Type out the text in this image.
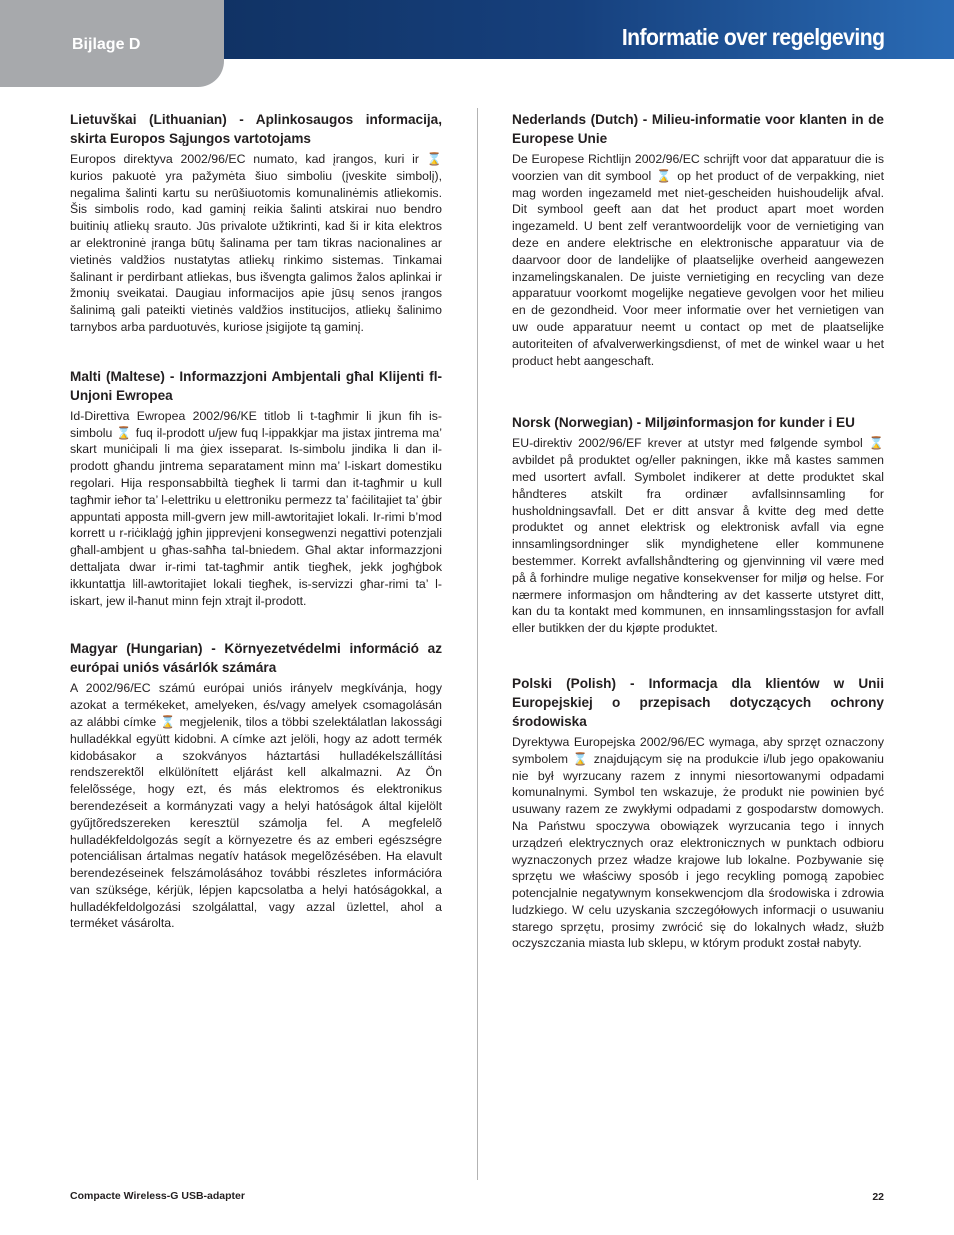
Bijlage D	Informatie over regelgeving
Lietuvškai (Lithuanian) - Aplinkosaugos informacija, skirta Europos Sąjungos vartotojams

Europos direktyva 2002/96/EC numato, kad įrangos, kuri ir ⌛ kurios pakuotė yra pažymėta šiuo simboliu (įveskite simbolį), negalima šalinti kartu su nerūšiuotomis komunalinėmis atliekomis. Šis simbolis rodo, kad gaminį reikia šalinti atskirai nuo bendro buitinių atliekų srauto. Jūs privalote užtikrinti, kad ši ir kita elektros ar elektroninė įranga būtų šalinama per tam tikras nacionalines ar vietinės valdžios nustatytas atliekų rinkimo sistemas. Tinkamai šalinant ir perdirbant atliekas, bus išvengta galimos žalos aplinkai ir žmonių sveikatai. Daugiau informacijos apie jūsų senos įrangos šalinimą gali pateikti vietinės valdžios institucijos, atliekų šalinimo tarnybos arba parduotuvės, kuriose įsigijote tą gaminį.

Malti (Maltese) - Informazzjoni Ambjentali għal Klijenti fl-Unjoni Ewropea

Id-Direttiva Ewropea 2002/96/KE titlob li t-tagħmir li jkun fih is-simbolu ⌛ fuq il-prodott u/jew fuq l-ippakkjar ma jistax jintrema ma’ skart muniċipali li ma ġiex isseparat. Is-simbolu jindika li dan il-prodott għandu jintrema separatament minn ma’ l-iskart domestiku regolari. Hija responsabbiltà tiegħek li tarmi dan it-tagħmir u kull tagħmir ieħor ta’ l-elettriku u elettroniku permezz ta’ faċilitajiet ta’ ġbir appuntati apposta mill-gvern jew mill-awtoritajiet lokali. Ir-rimi b’mod korrett u r-riċiklaġġ jgħin jipprevjeni konsegwenzi negattivi potenzjali għall-ambjent u għas-saħħa tal-bniedem. Għal aktar informazzjoni dettaljata dwar ir-rimi tat-tagħmir antik tiegħek, jekk jogħġbok ikkuntattja lill-awtoritajiet lokali tiegħek, is-servizzi għar-rimi ta’ l-iskart, jew il-ħanut minn fejn xtrajt il-prodott.

Magyar (Hungarian) - Környezetvédelmi információ az európai uniós vásárlók számára

A 2002/96/EC számú európai uniós irányelv megkívánja, hogy azokat a termékeket, amelyeken, és/vagy amelyek csomagolásán az alábbi címke ⌛ megjelenik, tilos a többi szelektálatlan lakossági hulladékkal együtt kidobni. A címke azt jelöli, hogy az adott termék kidobásakor a szokványos háztartási hulladékelszállítási rendszerektõl elkülönített eljárást kell alkalmazni. Az Ön felelõssége, hogy ezt, és más elektromos és elektronikus berendezéseit a kormányzati vagy a helyi hatóságok által kijelölt gyűjtõredszereken keresztül számolja fel. A megfelelõ hulladékfeldolgozás segít a környezetre és az emberi egészségre potenciálisan ártalmas negatív hatások megelõzésében. Ha elavult berendezéseinek felszámolásához további részletes információra van szüksége, kérjük, lépjen kapcsolatba a helyi hatóságokkal, a hulladékfeldolgozási szolgálattal, vagy azzal üzlettel, ahol a terméket vásárolta.

Nederlands (Dutch) - Milieu-informatie voor klanten in de Europese Unie

De Europese Richtlijn 2002/96/EC schrijft voor dat apparatuur die is voorzien van dit symbool ⌛ op het product of de verpakking, niet mag worden ingezameld met niet-gescheiden huishoudelijk afval. Dit symbool geeft aan dat het product apart moet worden ingezameld. U bent zelf verantwoordelijk voor de vernietiging van deze en andere elektrische en elektronische apparatuur via de daarvoor door de landelijke of plaatselijke overheid aangewezen inzamelingskanalen. De juiste vernietiging en recycling van deze apparatuur voorkomt mogelijke negatieve gevolgen voor het milieu en de gezondheid. Voor meer informatie over het vernietigen van uw oude apparatuur neemt u contact op met de plaatselijke autoriteiten of afvalverwerkingsdienst, of met de winkel waar u het product hebt aangeschaft.

Norsk (Norwegian) - Miljøinformasjon for kunder i EU

EU-direktiv 2002/96/EF krever at utstyr med følgende symbol ⌛ avbildet på produktet og/eller pakningen, ikke må kastes sammen med usortert avfall. Symbolet indikerer at dette produktet skal håndteres atskilt fra ordinær avfallsinnsamling for husholdningsavfall. Det er ditt ansvar å kvitte deg med dette produktet og annet elektrisk og elektronisk avfall via egne innsamlingsordninger slik myndighetene eller kommunene bestemmer. Korrekt avfallshåndtering og gjenvinning vil være med på å forhindre mulige negative konsekvenser for miljø og helse. For nærmere informasjon om håndtering av det kasserte utstyret ditt, kan du ta kontakt med kommunen, en innsamlingsstasjon for avfall eller butikken der du kjøpte produktet.

Polski (Polish) - Informacja dla klientów w Unii Europejskiej o przepisach dotyczących ochrony środowiska

Dyrektywa Europejska 2002/96/EC wymaga, aby sprzęt oznaczony symbolem ⌛ znajdującym się na produkcie i/lub jego opakowaniu nie był wyrzucany razem z innymi niesortowanymi odpadami komunalnymi. Symbol ten wskazuje, że produkt nie powinien być usuwany razem ze zwykłymi odpadami z gospodarstw domowych. Na Państwu spoczywa obowiązek wyrzucania tego i innych urządzeń elektrycznych oraz elektronicznych w punktach odbioru wyznaczonych przez władze krajowe lub lokalne. Pozbywanie się sprzętu we właściwy sposób i jego recykling pomogą zapobiec potencjalnie negatywnym konsekwencjom dla środowiska i zdrowia ludzkiego. W celu uzyskania szczegółowych informacji o usuwaniu starego sprzętu, prosimy zwrócić się do lokalnych władz, służb oczyszczania miasta lub sklepu, w którym produkt został nabyty.

Compacte Wireless-G USB-adapter	22
